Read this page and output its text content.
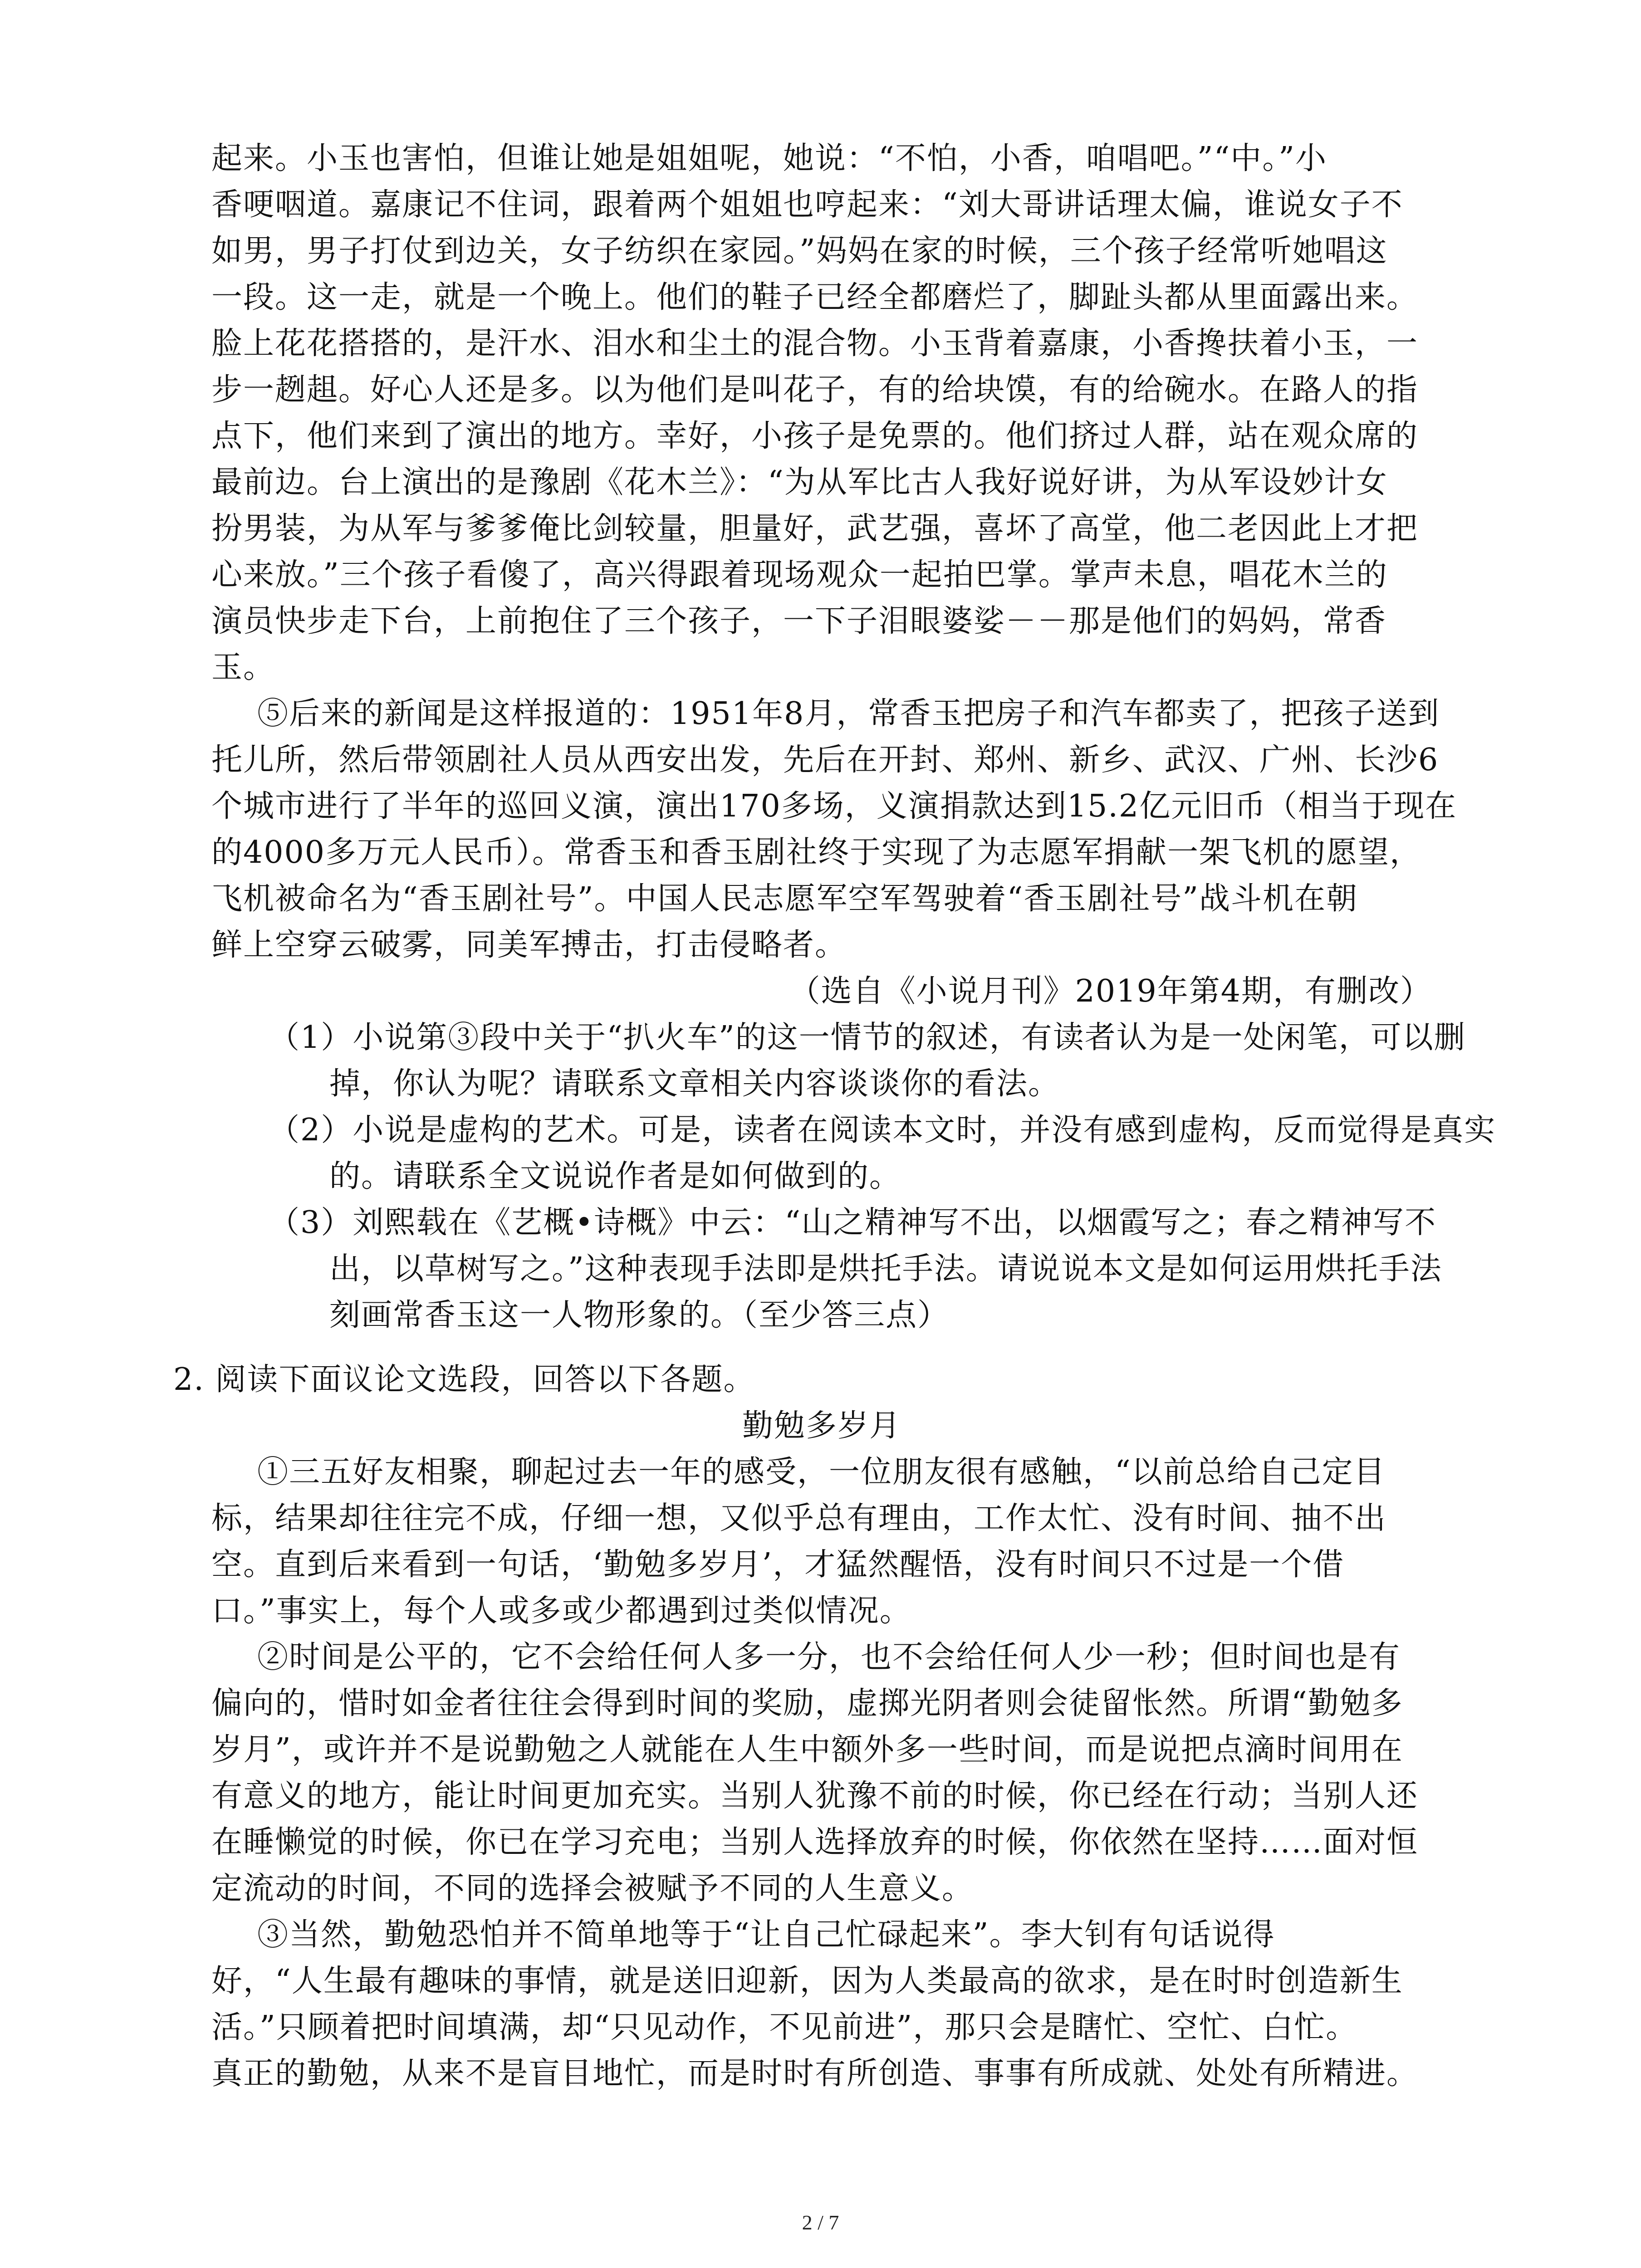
起来。小玉也害怕，但谁让她是姐姐呢，她说：“不怕，小香，咱唱吧。”“中。”小
香哽咽道。嘉康记不住词，跟着两个姐姐也哼起来：“刘大哥讲话理太偏，谁说女子不
如男，男子打仗到边关，女子纺织在家园。”妈妈在家的时候，三个孩子经常听她唱这
一段。这一走，就是一个晚上。他们的鞋子已经全都磨烂了，脚趾头都从里面露出来。
脸上花花搭搭的，是汗水、泪水和尘土的混合物。小玉背着嘉康，小香搀扶着小玉，一
步一趔趄。好心人还是多。以为他们是叫花子，有的给块馍，有的给碗水。在路人的指
点下，他们来到了演出的地方。幸好，小孩子是免票的。他们挤过人群，站在观众席的
最前边。台上演出的是豫剧《花木兰》：“为从军比古人我好说好讲，为从军设妙计女
扮男装，为从军与爹爹俺比剑较量，胆量好，武艺强，喜坏了高堂，他二老因此上才把
心来放。”三个孩子看傻了，高兴得跟着现场观众一起拍巴掌。掌声未息，唱花木兰的
演员快步走下台，上前抱住了三个孩子，一下子泪眼婆娑－－那是他们的妈妈，常香
玉。
⑤后来的新闻是这样报道的：1951年8月，常香玉把房子和汽车都卖了，把孩子送到
托儿所，然后带领剧社人员从西安出发，先后在开封、郑州、新乡、武汉、广州、长沙6
个城市进行了半年的巡回义演，演出170多场，义演捐款达到15.2亿元旧币（相当于现在
的4000多万元人民币）。常香玉和香玉剧社终于实现了为志愿军捐献一架飞机的愿望，
飞机被命名为“香玉剧社号”。中国人民志愿军空军驾驶着“香玉剧社号”战斗机在朝
鲜上空穿云破雾，同美军搏击，打击侵略者。
（选自《小说月刊》2019年第4期，有删改）
（1）小说第③段中关于“扒火车”的这一情节的叙述，有读者认为是一处闲笔，可以删
掉，你认为呢？请联系文章相关内容谈谈你的看法。
（2）小说是虚构的艺术。可是，读者在阅读本文时，并没有感到虚构，反而觉得是真实
的。请联系全文说说作者是如何做到的。
（3）刘熙载在《艺概•诗概》中云：“山之精神写不出，以烟霞写之；春之精神写不
出，以草树写之。”这种表现手法即是烘托手法。请说说本文是如何运用烘托手法
刻画常香玉这一人物形象的。（至少答三点）
2. 阅读下面议论文选段，回答以下各题。
勤勉多岁月
①三五好友相聚，聊起过去一年的感受，一位朋友很有感触，“以前总给自己定目
标，结果却往往完不成，仔细一想，又似乎总有理由，工作太忙、没有时间、抽不出
空。直到后来看到一句话，‘勤勉多岁月’，才猛然醒悟，没有时间只不过是一个借
口。”事实上，每个人或多或少都遇到过类似情况。
②时间是公平的，它不会给任何人多一分，也不会给任何人少一秒；但时间也是有
偏向的，惜时如金者往往会得到时间的奖励，虚掷光阴者则会徒留怅然。所谓“勤勉多
岁月”，或许并不是说勤勉之人就能在人生中额外多一些时间，而是说把点滴时间用在
有意义的地方，能让时间更加充实。当别人犹豫不前的时候，你已经在行动；当别人还
在睡懒觉的时候，你已在学习充电；当别人选择放弃的时候，你依然在坚持……面对恒
定流动的时间，不同的选择会被赋予不同的人生意义。
③当然，勤勉恐怕并不简单地等于“让自己忙碌起来”。李大钊有句话说得
好，“人生最有趣味的事情，就是送旧迎新，因为人类最高的欲求，是在时时创造新生
活。”只顾着把时间填满，却“只见动作，不见前进”，那只会是瞎忙、空忙、白忙。
真正的勤勉，从来不是盲目地忙，而是时时有所创造、事事有所成就、处处有所精进。
2 / 7
